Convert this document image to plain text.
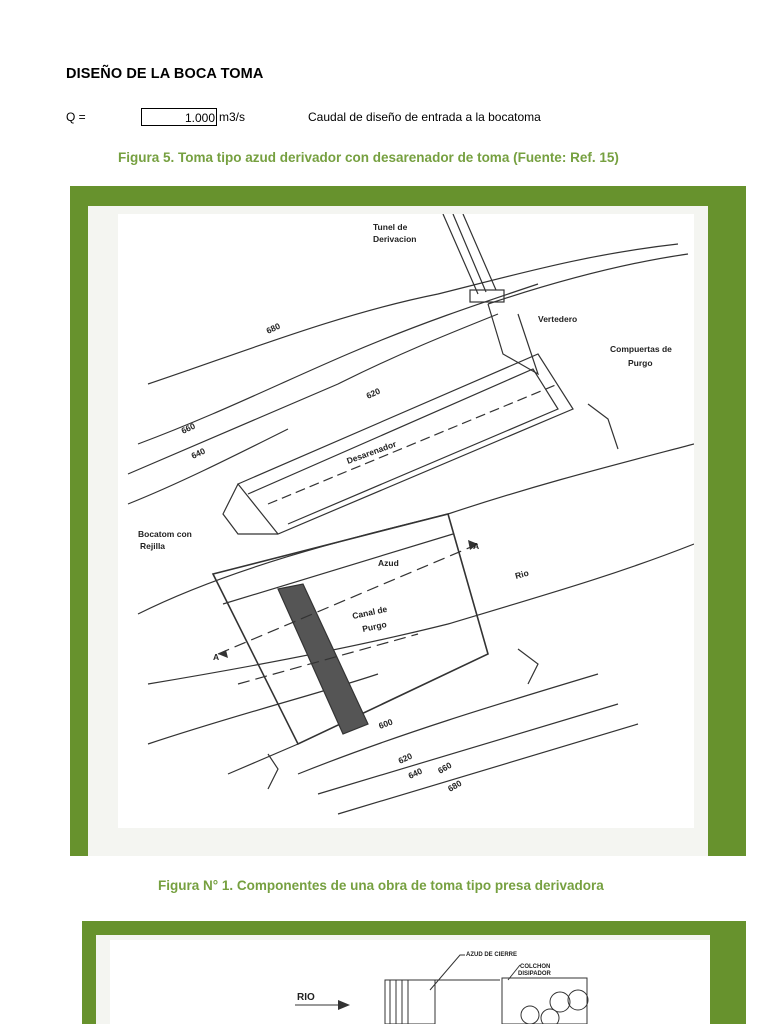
DISEÑO DE LA BOCA TOMA
Q =	1.000 m3/s	Caudal de diseño de entrada a la bocatoma
Figura 5. Toma tipo azud derivador con desarenador de toma (Fuente: Ref. 15)
Tunel de
Derivacion
Vertedero
Compuertas de
Purgo
Desarenador
Bocatom con
Rejilla
Azud
Rio
Canal de
Purgo
A
A
680
620
660
640
600
620
640 660
680
Figura N° 1. Componentes de una obra de toma tipo presa derivadora
AZUD DE CIERRE
COLCHON
DISIPADOR
RIO
